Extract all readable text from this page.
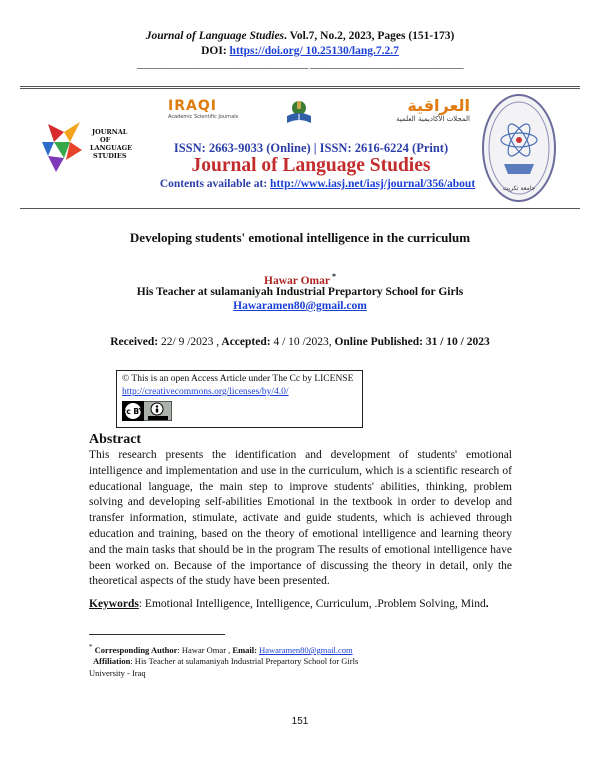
Journal of Language Studies. Vol.7, No.2, 2023, Pages (151-173)
DOI: https://doi.org/ 10.25130/lang.7.2.7
______________________________________ __________________________________
JOURNAL OF LANGUAGE STUDIES
IRAQI
Academic Scientific Journals
العراقية
المجلات الأكاديمية العلمية
ISSN: 2663-9033 (Online) | ISSN: 2616-6224 (Print)
Journal of Language Studies
Contents available at: http://www.iasj.net/iasj/journal/356/about	جامعة تكريت
Developing students' emotional intelligence in the curriculum
Hawar Omar *
His Teacher at sulamaniyah Industrial Prepartory School for Girls
Hawaramen80@gmail.com
Received: 22/ 9 /2023 , Accepted: 4 / 10 /2023, Online Published: 31 / 10 / 2023
© This is an open Access Article under The Cc by LICENSE
http://creativecommons.org/licenses/by/4.0/
cc BY
Abstract
This research presents the identification and development of students' emotional intelligence and implementation and use in the curriculum, which is a scientific research of educational language, the main step to improve students' abilities, thinking, problem solving and developing self-abilities Emotional in the textbook in order to develop and transfer information, stimulate, activate and guide students, which is achieved through education and training, based on the theory of emotional intelligence and learning theory and the main tasks that should be in the program The results of emotional intelligence have been worked on. Because of the importance of discussing the theory in detail, only the theoretical aspects of the study have been presented.
Keywords: Emotional Intelligence, Intelligence, Curriculum, .Problem Solving, Mind.
* Corresponding Author: Hawar Omar , Email: Hawaramen80@gmail.com
Affiliation: His Teacher at sulamaniyah Industrial Prepartory School for Girls
University - Iraq
151
